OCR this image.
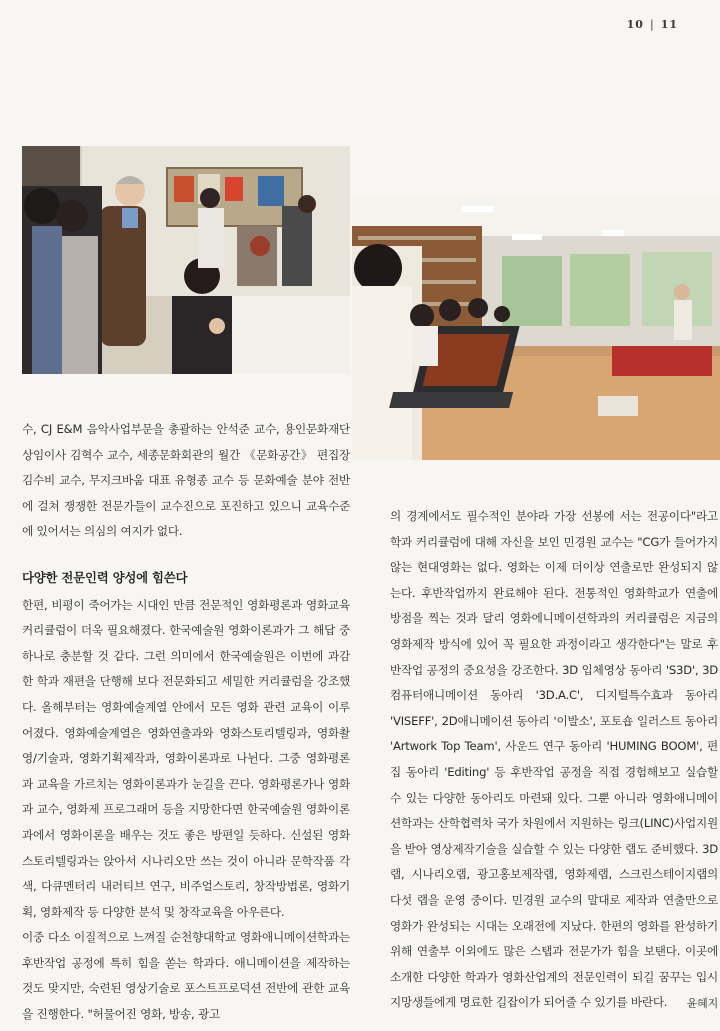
10 | 11

수, CJ E&M 음악사업부문을 총괄하는 안석준 교수, 용인문화재단 상임이사 김혁수 교수, 세종문화회관의 월간 《문화공간》 편집장 김수비 교수, 무지크바움 대표 유형종 교수 등 문화예술 분야 전반에 걸쳐 쟁쟁한 전문가들이 교수진으로 포진하고 있으니 교육수준에 있어서는 의심의 여지가 없다.

다양한 전문인력 양성에 힘쓴다

한편, 비평이 죽어가는 시대인 만큼 전문적인 영화평론과 영화교육 커리큘럼이 더욱 필요해졌다. 한국예술원 영화이론과가 그 해답 중 하나로 충분할 것 같다. 그런 의미에서 한국예술원은 이번에 과감한 학과 재편을 단행해 보다 전문화되고 세밀한 커리큘럼을 강조했다. 올해부터는 영화예술계열 안에서 모든 영화 관련 교육이 이루어졌다. 영화예술계열은 영화연출과와 영화스토리텔링과, 영화촬영/기술과, 영화기획제작과, 영화이론과로 나뉜다. 그중 영화평론과 교육을 가르치는 영화이론과가 눈길을 끈다. 영화평론가나 영화과 교수, 영화제 프로그래머 등을 지망한다면 한국예술원 영화이론과에서 영화이론을 배우는 것도 좋은 방편일 듯하다. 신설된 영화스토리텔링과는 앉아서 시나리오만 쓰는 것이 아니라 문학작품 각색, 다큐멘터리 내러티브 연구, 비주얼스토리, 창작방법론, 영화기획, 영화제작 등 다양한 분석 및 창작교육을 아우른다.

이중 다소 이질적으로 느껴질 순천향대학교 영화애니메이션학과는 후반작업 공정에 특히 힘을 쏟는 학과다. 애니메이션을 제작하는 것도 맞지만, 숙련된 영상기술로 포스트프로덕션 전반에 관한 교육을 진행한다. "허물어진 영화, 방송, 광고

의 경계에서도 필수적인 분야라 가장 선봉에 서는 전공이다"라고 학과 커리큘럼에 대해 자신을 보인 민경원 교수는 "CG가 들어가지 않는 현대영화는 없다. 영화는 이제 더이상 연출로만 완성되지 않는다. 후반작업까지 완료해야 된다. 전통적인 영화학교가 연출에 방점을 찍는 것과 달리 영화에니메이션학과의 커리큘럼은 지금의 영화제작 방식에 있어 꼭 필요한 과정이라고 생각한다"는 말로 후반작업 공정의 중요성을 강조한다. 3D 입체영상 동아리 'S3D', 3D 컴퓨터애니메이션 동아리 '3D.A.C', 디지털특수효과 동아리 'VISEFF', 2D애니메이션 동아리 '이발소', 포토숍 일러스트 동아리 'Artwork Top Team', 사운드 연구 동아리 'HUMING BOOM', 편집 동아리 'Editing' 등 후반작업 공정을 직접 경험해보고 실습할 수 있는 다양한 동아리도 마련돼 있다. 그뿐 아니라 영화애니메이션학과는 산학협력차 국가 차원에서 지원하는 링크(LINC)사업지원을 받아 영상제작기술을 실습할 수 있는 다양한 랩도 준비했다. 3D랩, 시나리오랩, 광고홍보제작랩, 영화제랩, 스크린스테이지랩의 다섯 랩을 운영 중이다. 민경원 교수의 말대로 제작과 연출만으로 영화가 완성되는 시대는 오래전에 지났다. 한편의 영화를 완성하기 위해 연출부 이외에도 많은 스탭과 전문가가 힘을 보탠다. 이곳에 소개한 다양한 학과가 영화산업계의 전문인력이 되길 꿈꾸는 입시지망생들에게 명료한 길잡이가 되어줄 수 있기를 바란다.	윤혜지
